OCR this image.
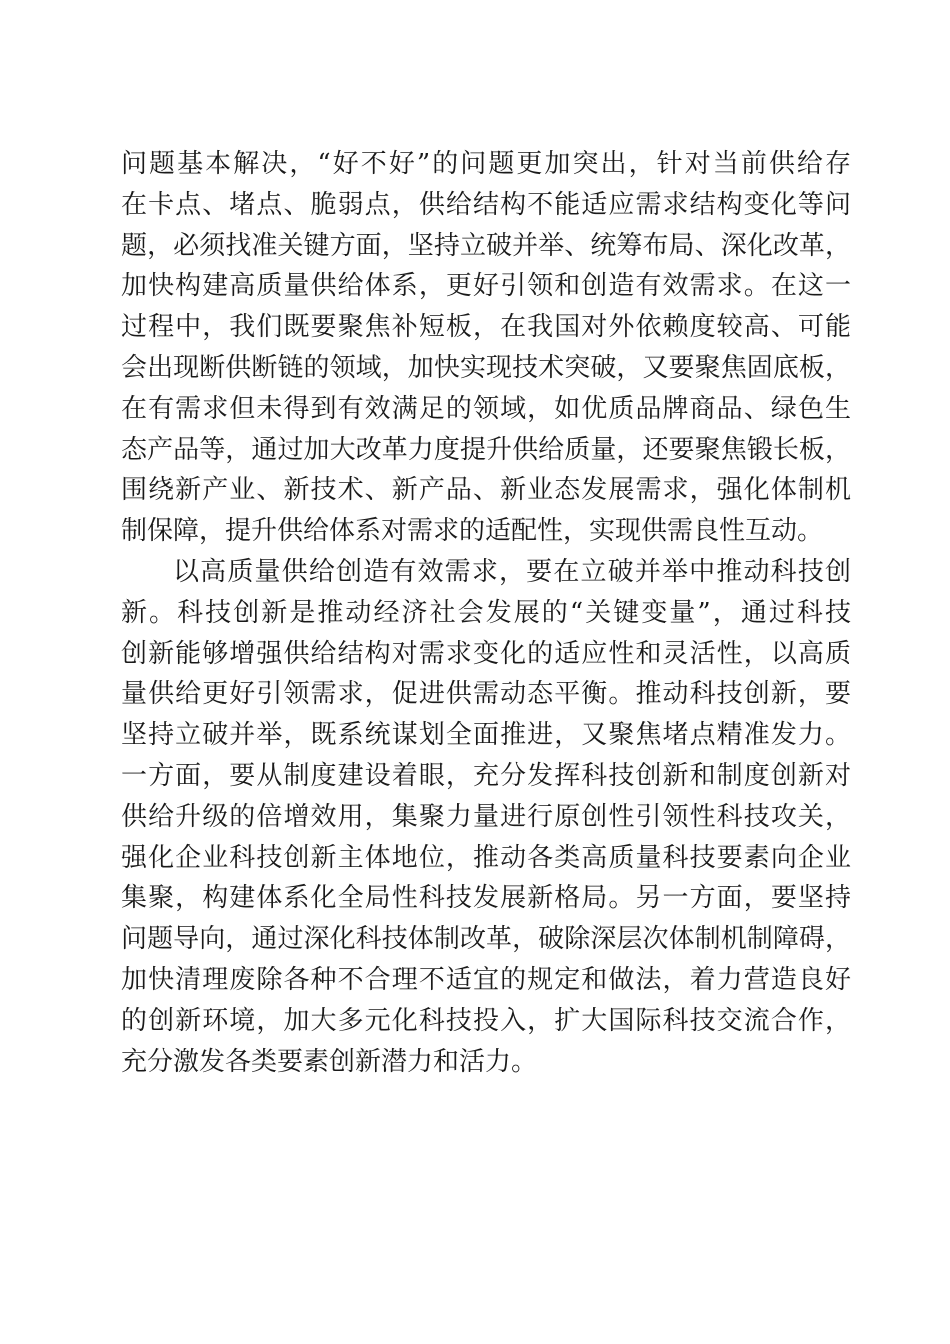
问题基本解决，“好不好”的问题更加突出，针对当前供给存
在卡点、堵点、脆弱点，供给结构不能适应需求结构变化等问
题，必须找准关键方面，坚持立破并举、统筹布局、深化改革，
加快构建高质量供给体系，更好引领和创造有效需求。在这一
过程中，我们既要聚焦补短板，在我国对外依赖度较高、可能
会出现断供断链的领域，加快实现技术突破，又要聚焦固底板，
在有需求但未得到有效满足的领域，如优质品牌商品、绿色生
态产品等，通过加大改革力度提升供给质量，还要聚焦锻长板，
围绕新产业、新技术、新产品、新业态发展需求，强化体制机
制保障，提升供给体系对需求的适配性，实现供需良性互动。
以高质量供给创造有效需求，要在立破并举中推动科技创
新。科技创新是推动经济社会发展的“关键变量”，通过科技
创新能够增强供给结构对需求变化的适应性和灵活性，以高质
量供给更好引领需求，促进供需动态平衡。推动科技创新，要
坚持立破并举，既系统谋划全面推进，又聚焦堵点精准发力。
一方面，要从制度建设着眼，充分发挥科技创新和制度创新对
供给升级的倍增效用，集聚力量进行原创性引领性科技攻关，
强化企业科技创新主体地位，推动各类高质量科技要素向企业
集聚，构建体系化全局性科技发展新格局。另一方面，要坚持
问题导向，通过深化科技体制改革，破除深层次体制机制障碍，
加快清理废除各种不合理不适宜的规定和做法，着力营造良好
的创新环境，加大多元化科技投入，扩大国际科技交流合作，
充分激发各类要素创新潜力和活力。
